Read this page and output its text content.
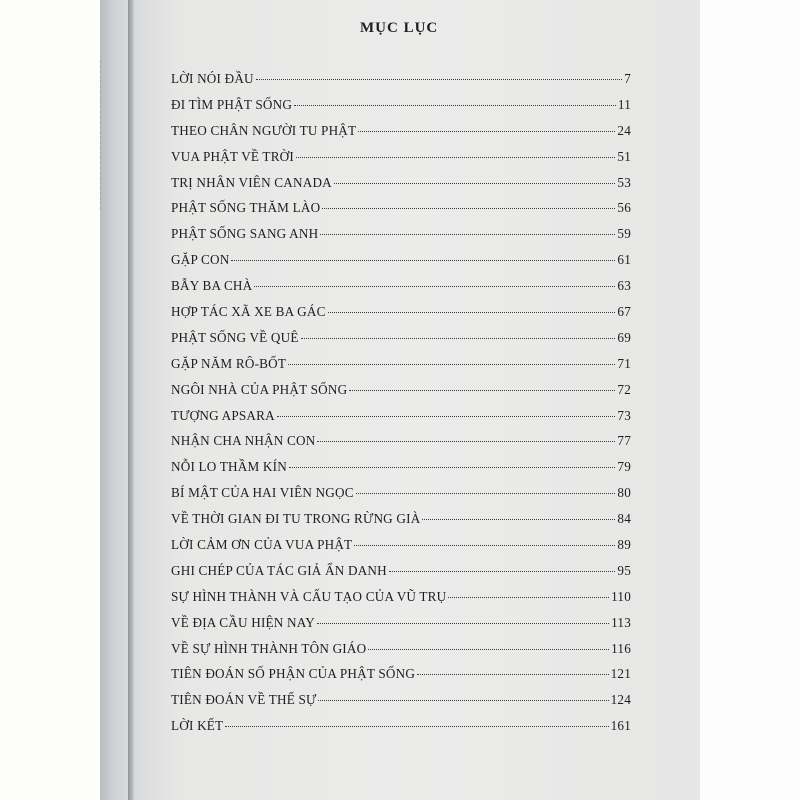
MỤC LỤC
LỜI NÓI ĐẦU	7
ĐI TÌM PHẬT SỐNG	11
THEO CHÂN NGƯỜI TU PHẬT	24
VUA PHẬT VỀ TRỜI	51
TRỊ NHÂN VIÊN CANADA	53
PHẬT SỐNG THĂM LÀO	56
PHẬT SỐNG SANG ANH	59
GẶP CON	61
BẪY BA CHÀ	63
HỢP TÁC XÃ XE BA GÁC	67
PHẬT SỐNG VỀ QUÊ	69
GẶP NĂM RÔ-BỐT	71
NGÔI NHÀ CỦA PHẬT SỐNG	72
TƯỢNG APSARA	73
NHẬN CHA NHẬN CON	77
NỖI LO THẦM KÍN	79
BÍ MẬT CỦA HAI VIÊN NGỌC	80
VỀ THỜI GIAN ĐI TU TRONG RỪNG GIÀ	84
LỜI CẢM ƠN CỦA VUA PHẬT	89
GHI CHÉP CỦA TÁC GIẢ ẨN DANH	95
SỰ HÌNH THÀNH VÀ CẤU TẠO CỦA VŨ TRỤ	110
VỀ ĐỊA CẦU HIỆN NAY	113
VỀ SỰ HÌNH THÀNH TÔN GIÁO	116
TIÊN ĐOÁN SỐ PHẬN CỦA PHẬT SỐNG	121
TIÊN ĐOÁN VỀ THẾ SỰ	124
LỜI KẾT	161
